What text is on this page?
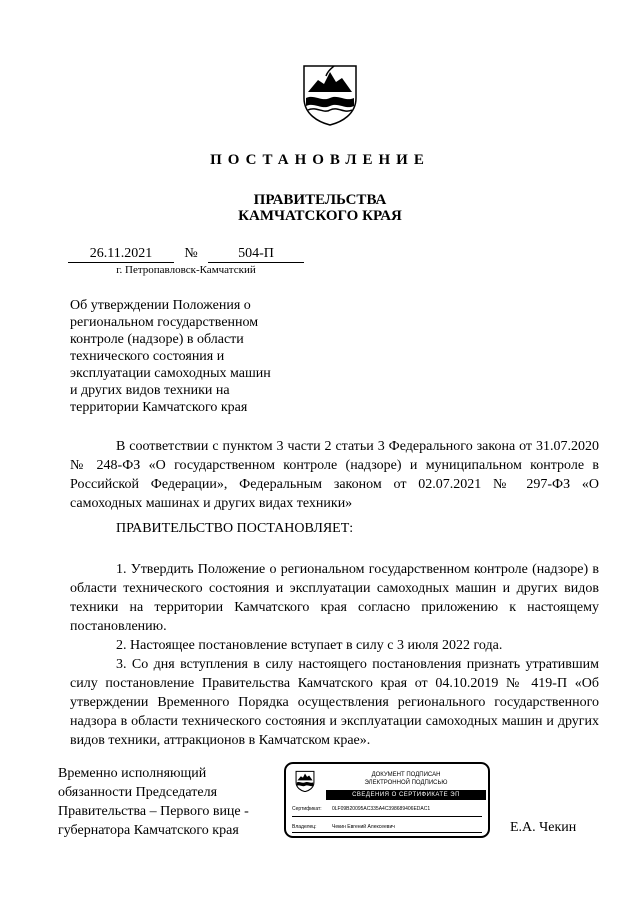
ПОСТАНОВЛЕНИЕ
ПРАВИТЕЛЬСТВА
КАМЧАТСКОГО КРАЯ
26.11.2021	№	504-П
г. Петропавловск-Камчатский
Об утверждении Положения о
региональном государственном
контроле (надзоре) в области
технического состояния и
эксплуатации самоходных машин
и других видов техники на
территории Камчатского края
В соответствии с пунктом 3 части 2 статьи 3 Федерального закона от 31.07.2020 № 248-ФЗ «О государственном контроле (надзоре) и муниципальном контроле в Российской Федерации», Федеральным законом от 02.07.2021 № 297-ФЗ «О самоходных машинах и других видах техники»
ПРАВИТЕЛЬСТВО ПОСТАНОВЛЯЕТ:

1. Утвердить Положение о региональном государственном контроле (надзоре) в области технического состояния и эксплуатации самоходных машин и других видов техники на территории Камчатского края согласно приложению к настоящему постановлению.

2. Настоящее постановление вступает в силу с 3 июля 2022 года.

3. Со дня вступления в силу настоящего постановления признать утратившим силу постановление Правительства Камчатского края от 04.10.2019 № 419-П «Об утверждении Временного Порядка осуществления регионального государственного надзора в области технического состояния и эксплуатации самоходных машин и других видов техники, аттракционов в Камчатском крае».

Временно исполняющий
обязанности Председателя
Правительства – Первого вице -
губернатора Камчатского края
ДОКУМЕНТ ПОДПИСАН
ЭЛЕКТРОННОЙ ПОДПИСЬЮ
СВЕДЕНИЯ О СЕРТИФИКАТЕ ЭП
Сертификат: 0LF09B20095AC335A4C398689406EDAC1
Владелец:	Чекин Евгений Алексеевич	Е.А. Чекин
